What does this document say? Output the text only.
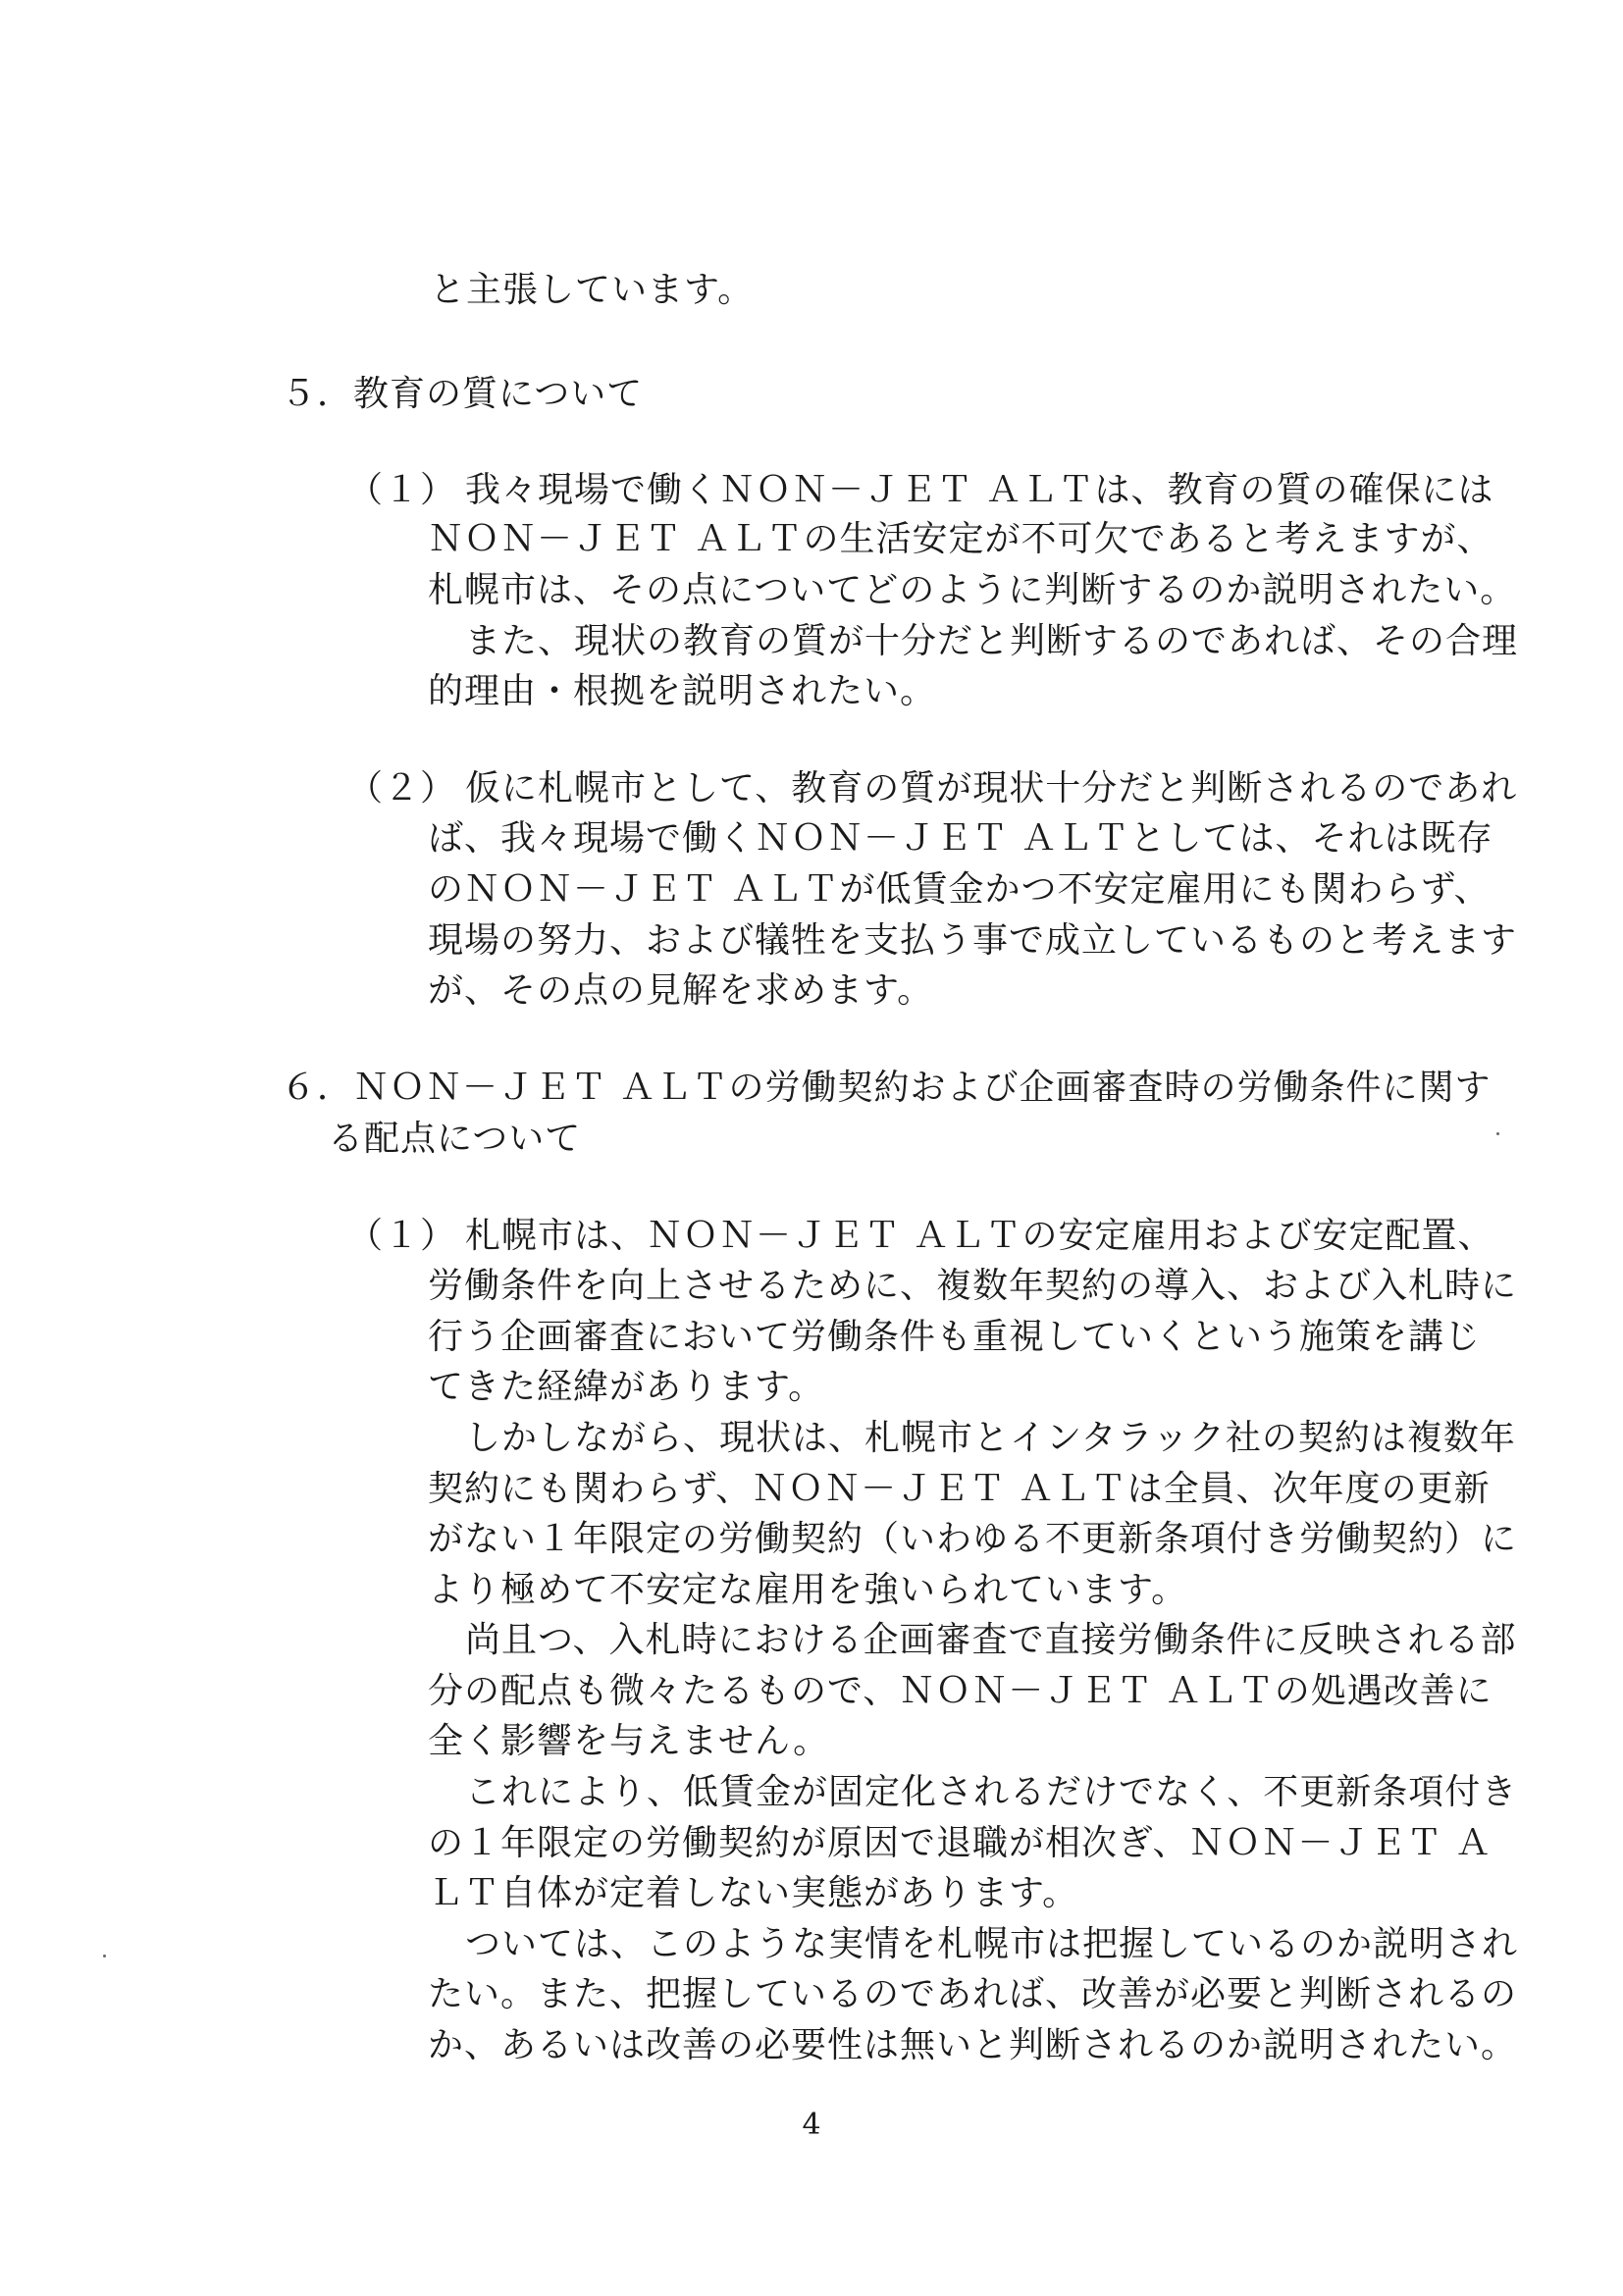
と主張しています。
５．教育の質について
（１） 我々現場で働くＮＯＮ－ＪＥＴ ＡＬＴは、教育の質の確保には
ＮＯＮ－ＪＥＴ ＡＬＴの生活安定が不可欠であると考えますが、
札幌市は、その点についてどのように判断するのか説明されたい。
また、現状の教育の質が十分だと判断するのであれば、その合理
的理由・根拠を説明されたい。
（２） 仮に札幌市として、教育の質が現状十分だと判断されるのであれ
ば、我々現場で働くＮＯＮ－ＪＥＴ ＡＬＴとしては、それは既存
のＮＯＮ－ＪＥＴ ＡＬＴが低賃金かつ不安定雇用にも関わらず、
現場の努力、および犠牲を支払う事で成立しているものと考えます
が、その点の見解を求めます。
６．ＮＯＮ－ＪＥＴ ＡＬＴの労働契約および企画審査時の労働条件に関す
る配点について
（１） 札幌市は、ＮＯＮ－ＪＥＴ ＡＬＴの安定雇用および安定配置、
労働条件を向上させるために、複数年契約の導入、および入札時に
行う企画審査において労働条件も重視していくという施策を講じ
てきた経緯があります。
しかしながら、現状は、札幌市とインタラック社の契約は複数年
契約にも関わらず、ＮＯＮ－ＪＥＴ ＡＬＴは全員、次年度の更新
がない１年限定の労働契約（いわゆる不更新条項付き労働契約）に
より極めて不安定な雇用を強いられています。
尚且つ、入札時における企画審査で直接労働条件に反映される部
分の配点も微々たるもので、ＮＯＮ－ＪＥＴ ＡＬＴの処遇改善に
全く影響を与えません。
これにより、低賃金が固定化されるだけでなく、不更新条項付き
の１年限定の労働契約が原因で退職が相次ぎ、ＮＯＮ－ＪＥＴ Ａ
ＬＴ自体が定着しない実態があります。
ついては、このような実情を札幌市は把握しているのか説明され
たい。また、把握しているのであれば、改善が必要と判断されるの
か、あるいは改善の必要性は無いと判断されるのか説明されたい。
4
